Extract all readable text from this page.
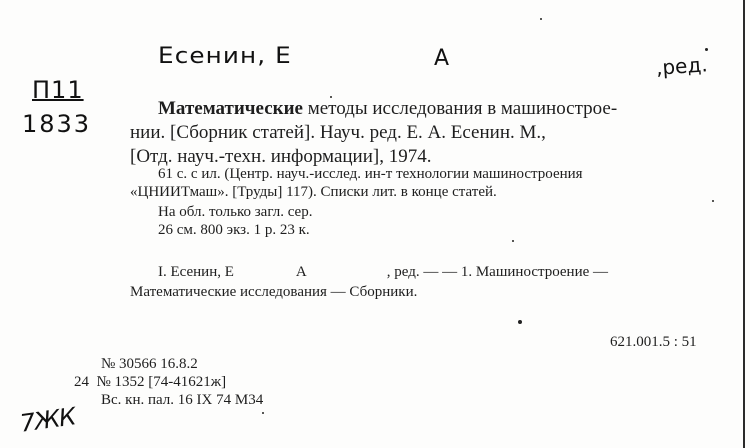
Есенин, Е	А	,ред.
П11
1833
7ЖК
Математические методы исследования в машинострое-
нии. [Сборник статей]. Науч. ред. Е. А. Есенин. М.,
[Отд. науч.-техн. информации], 1974.
61 с. с ил. (Центр. науч.-исслед. ин-т технологии машиностроения
«ЦНИИТмаш». [Труды] 117). Списки лит. в конце статей.
На обл. только загл. сер.
26 см. 800 экз. 1 р. 23 к.
I. Есенин, Е	А	, ред. — — 1. Машиностроение —
Математические исследования — Сборники.
621.001.5 : 51
№ 30566 16.8.2
24 № 1352 [74-41621ж]
Вс. кн. пал. 16 IX 74 М34
